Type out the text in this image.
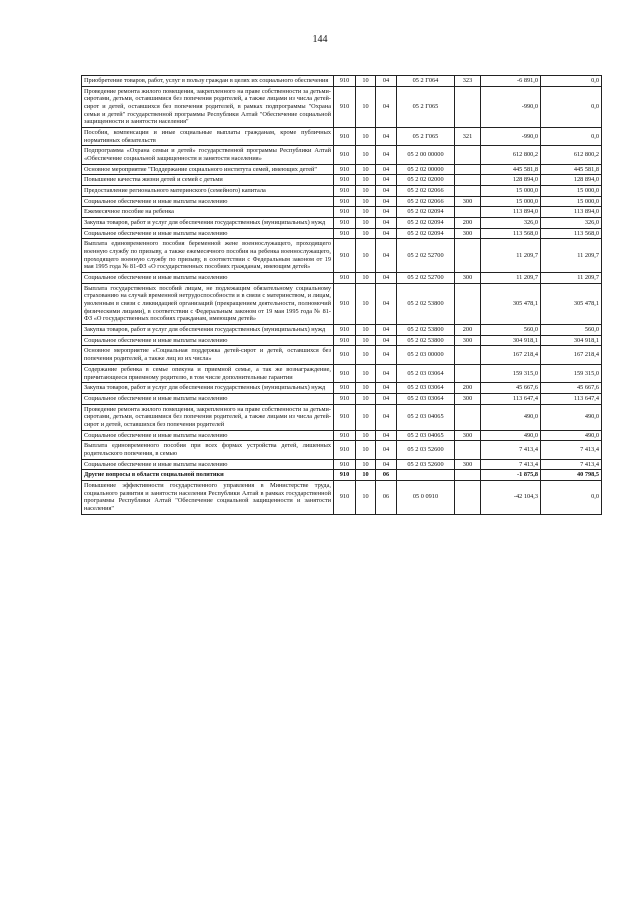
144
Приобретение товаров, работ, услуг в пользу граждан в целях их социального обеспечения	910	10	04	05 2 Г064	323	-6 891,0	0,0
Проведение ремонта жилого помещения, закрепленного на праве собственности за детьми-сиротами, детьми, оставшимися без попечения родителей, а также лицами из числа детей-сирот и детей, оставшихся без попечения родителей, в рамках подпрограммы "Охрана семьи и детей" государственной программы Республики Алтай "Обеспечение социальной защищенности и занятости населения"	910	10	04	05 2 Г065		-990,0	0,0
Пособия, компенсации и иные социальные выплаты гражданам, кроме публичных нормативных обязательств	910	10	04	05 2 Г065	321	-990,0	0,0
Подпрограмма «Охрана семьи и детей» государственной программы Республики Алтай «Обеспечение социальной защищенности и занятости населения»	910	10	04	05 2 00 00000		612 800,2	612 800,2
Основное мероприятие "Поддержание социального института семей, имеющих детей"	910	10	04	05 2 02 00000		445 581,8	445 581,8
Повышение качества жизни детей и семей с детьми	910	10	04	05 2 02 02000		128 894,0	128 894,0
Предоставление регионального материнского (семейного) капитала	910	10	04	05 2 02 02066		15 000,0	15 000,0
Социальное обеспечение и иные выплаты населению	910	10	04	05 2 02 02066	300	15 000,0	15 000,0
Ежемесячное пособие на ребенка	910	10	04	05 2 02 02094		113 894,0	113 894,0
Закупка товаров, работ и услуг для обеспечения государственных (муниципальных) нужд	910	10	04	05 2 02 02094	200	326,0	326,0
Социальное обеспечение и иные выплаты населению	910	10	04	05 2 02 02094	300	113 568,0	113 568,0
Выплата единовременного пособия беременной жене военнослужащего, проходящего военную службу по призыву, а также ежемесячного пособия на ребенка военнослужащего, проходящего военную службу по призыву, в соответствии с Федеральным законом от 19 мая 1995 года № 81-ФЗ «О государственных пособиях гражданам, имеющим детей»	910	10	04	05 2 02 52700		11 209,7	11 209,7
Социальное обеспечение и иные выплаты населению	910	10	04	05 2 02 52700	300	11 209,7	11 209,7
Выплата государственных пособий лицам, не подлежащим обязательному социальному страхованию на случай временной нетрудоспособности и в связи с материнством, и лицам, уволенным в связи с ликвидацией организаций (прекращением деятельности, полномочий физическими лицами), в соответствии с Федеральным законом от 19 мая 1995 года № 81-ФЗ «О государственных пособиях гражданам, имеющим детей»	910	10	04	05 2 02 53800		305 478,1	305 478,1
Закупка товаров, работ и услуг для обеспечения государственных (муниципальных) нужд	910	10	04	05 2 02 53800	200	560,0	560,0
Социальное обеспечение и иные выплаты населению	910	10	04	05 2 02 53800	300	304 918,1	304 918,1
Основное мероприятие «Социальная поддержка детей-сирот и детей, оставшихся без попечения родителей, а также лиц из их числа»	910	10	04	05 2 03 00000		167 218,4	167 218,4
Содержание ребенка в семье опекуна и приемной семье, а так же вознаграждение, причитающееся приемному родителю, в том числе дополнительные гарантии	910	10	04	05 2 03 03064		159 315,0	159 315,0
Закупка товаров, работ и услуг для обеспечения государственных (муниципальных) нужд	910	10	04	05 2 03 03064	200	45 667,6	45 667,6
Социальное обеспечение и иные выплаты населению	910	10	04	05 2 03 03064	300	113 647,4	113 647,4
Проведение ремонта жилого помещения, закрепленного на праве собственности за детьми-сиротами, детьми, оставшимися без попечения родителей, а также лицами из числа детей-сирот и детей, оставшихся без попечения родителей	910	10	04	05 2 03 04065		490,0	490,0
Социальное обеспечение и иные выплаты населению	910	10	04	05 2 03 04065	300	490,0	490,0
Выплата единовременного пособия при всех формах устройства детей, лишенных родительского попечения, в семью	910	10	04	05 2 03 52600		7 413,4	7 413,4
Социальное обеспечение и иные выплаты населению	910	10	04	05 2 03 52600	300	7 413,4	7 413,4
Другие вопросы в области социальной политики	910	10	06			-1 875,8	40 798,5
Повышение эффективности государственного управления в Министерстве труда, социального развития и занятости населения Республики Алтай в рамках государственной программы Республики Алтай "Обеспечение социальной защищенности и занятости населения"	910	10	06	05 0 0910		-42 104,3	0,0
